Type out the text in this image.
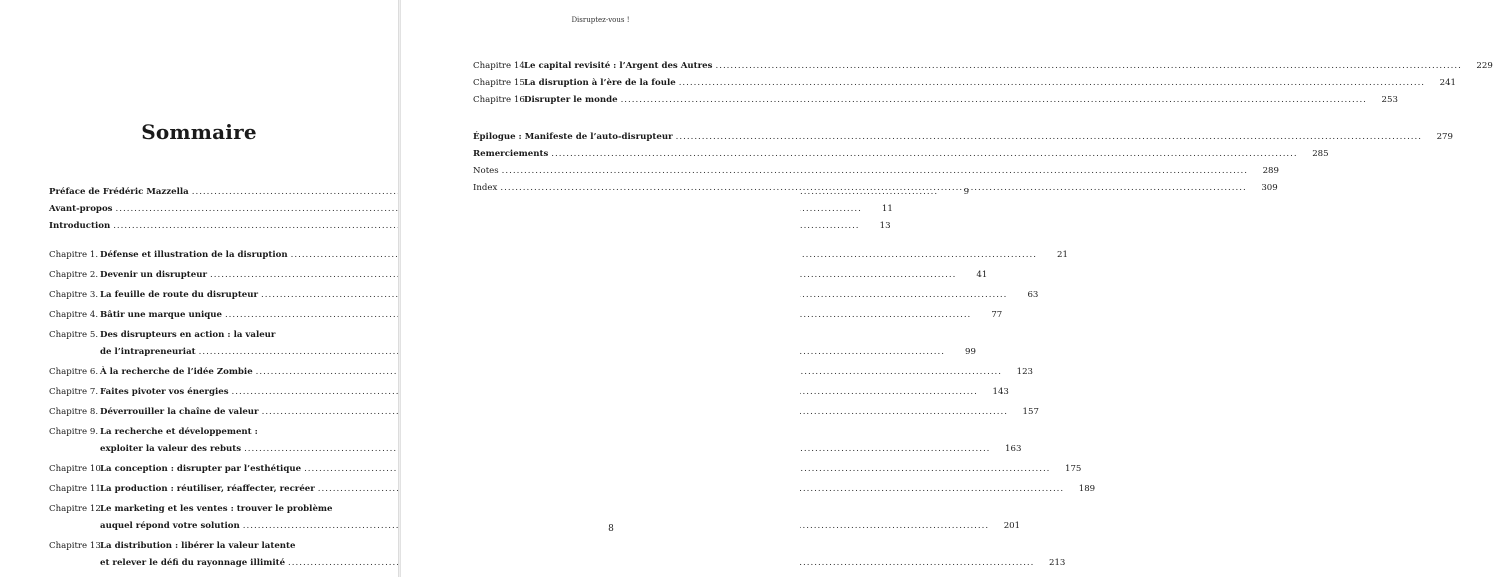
Sommaire
Préface de Frédéric Mazzella .....	9
Avant-propos .....	11
Introduction .....	13
Chapitre 1. Défense et illustration de la disruption .....	21
Chapitre 2. Devenir un disrupteur .....	41
Chapitre 3. La feuille de route du disrupteur .....	63
Chapitre 4. Bâtir une marque unique .....	77
Chapitre 5. Des disrupteurs en action : la valeur
de l’intrapreneuriat .....	99
Chapitre 6. À la recherche de l’idée Zombie .....	123
Chapitre 7. Faites pivoter vos énergies .....	143
Chapitre 8. Déverrouiller la chaîne de valeur .....	157
Chapitre 9. La recherche et développement :
exploiter la valeur des rebuts .....	163
Chapitre 10.La conception : disrupter par l’esthétique .....	175
Chapitre 11.La production : réutiliser, réaffecter, recréer .....	189
Chapitre 12.Le marketing et les ventes : trouver le problème
auquel répond votre solution .....	201
Chapitre 13.La distribution : libérer la valeur latente
et relever le défi du rayonnage illimité .....	213
Disruptez-vous !
Chapitre 14.Le capital revisité : l’Argent des Autres .....	229
Chapitre 15.La disruption à l’ère de la foule .....	241
Chapitre 16.Disrupter le monde .....	253
Épilogue : Manifeste de l’auto-disrupteur .....	279
Remerciements .....	285
Notes .....	289
Index .....	309
8
